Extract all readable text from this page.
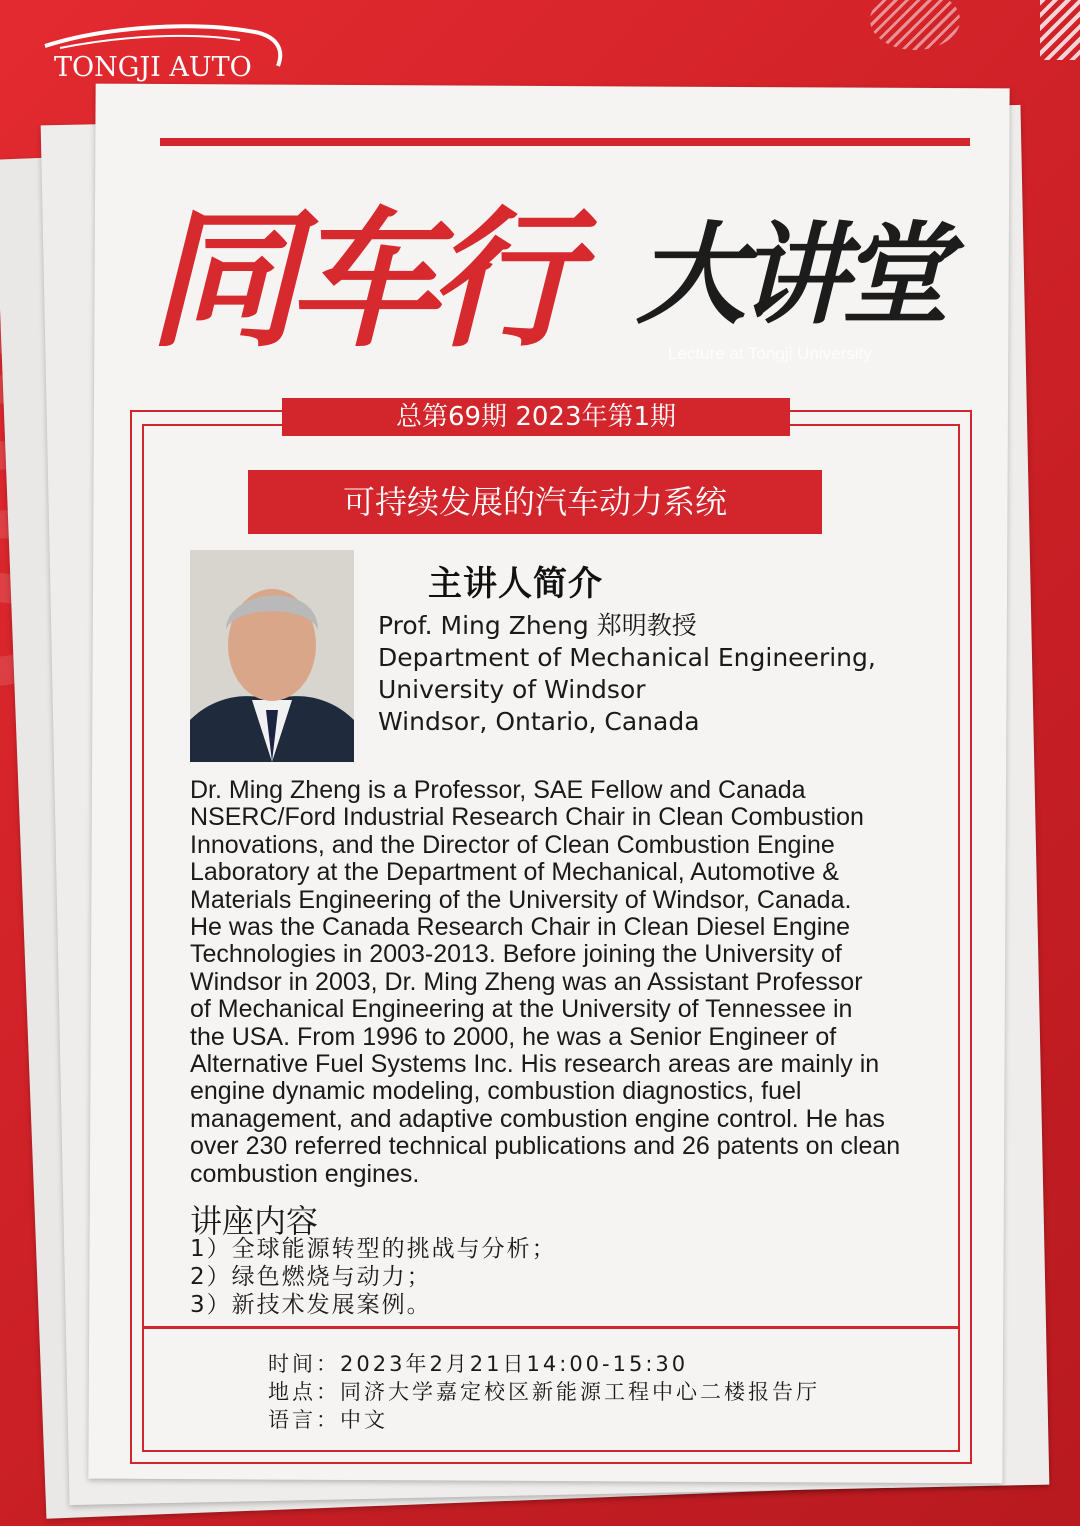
TONGJI AUTO
同车行 大讲堂
Lecture at Tongji University
总第69期 2023年第1期
可持续发展的汽车动力系统
主讲人简介
Prof. Ming Zheng 郑明教授
Department of Mechanical Engineering,
University of Windsor
Windsor, Ontario, Canada
Dr. Ming Zheng is a Professor, SAE Fellow and Canada
NSERC/Ford Industrial Research Chair in Clean Combustion
Innovations, and the Director of Clean Combustion Engine
Laboratory at the Department of Mechanical, Automotive &
Materials Engineering of the University of Windsor, Canada.
He was the Canada Research Chair in Clean Diesel Engine
Technologies in 2003-2013. Before joining the University of
Windsor in 2003, Dr. Ming Zheng was an Assistant Professor
of Mechanical Engineering at the University of Tennessee in
the USA. From 1996 to 2000, he was a Senior Engineer of
Alternative Fuel Systems Inc. His research areas are mainly in
engine dynamic modeling, combustion diagnostics, fuel
management, and adaptive combustion engine control. He has
over 230 referred technical publications and 26 patents on clean
combustion engines.
讲座内容
1）全球能源转型的挑战与分析；
2）绿色燃烧与动力；
3）新技术发展案例。
时间：2023年2月21日14:00-15:30
地点：同济大学嘉定校区新能源工程中心二楼报告厅
语言：中文
